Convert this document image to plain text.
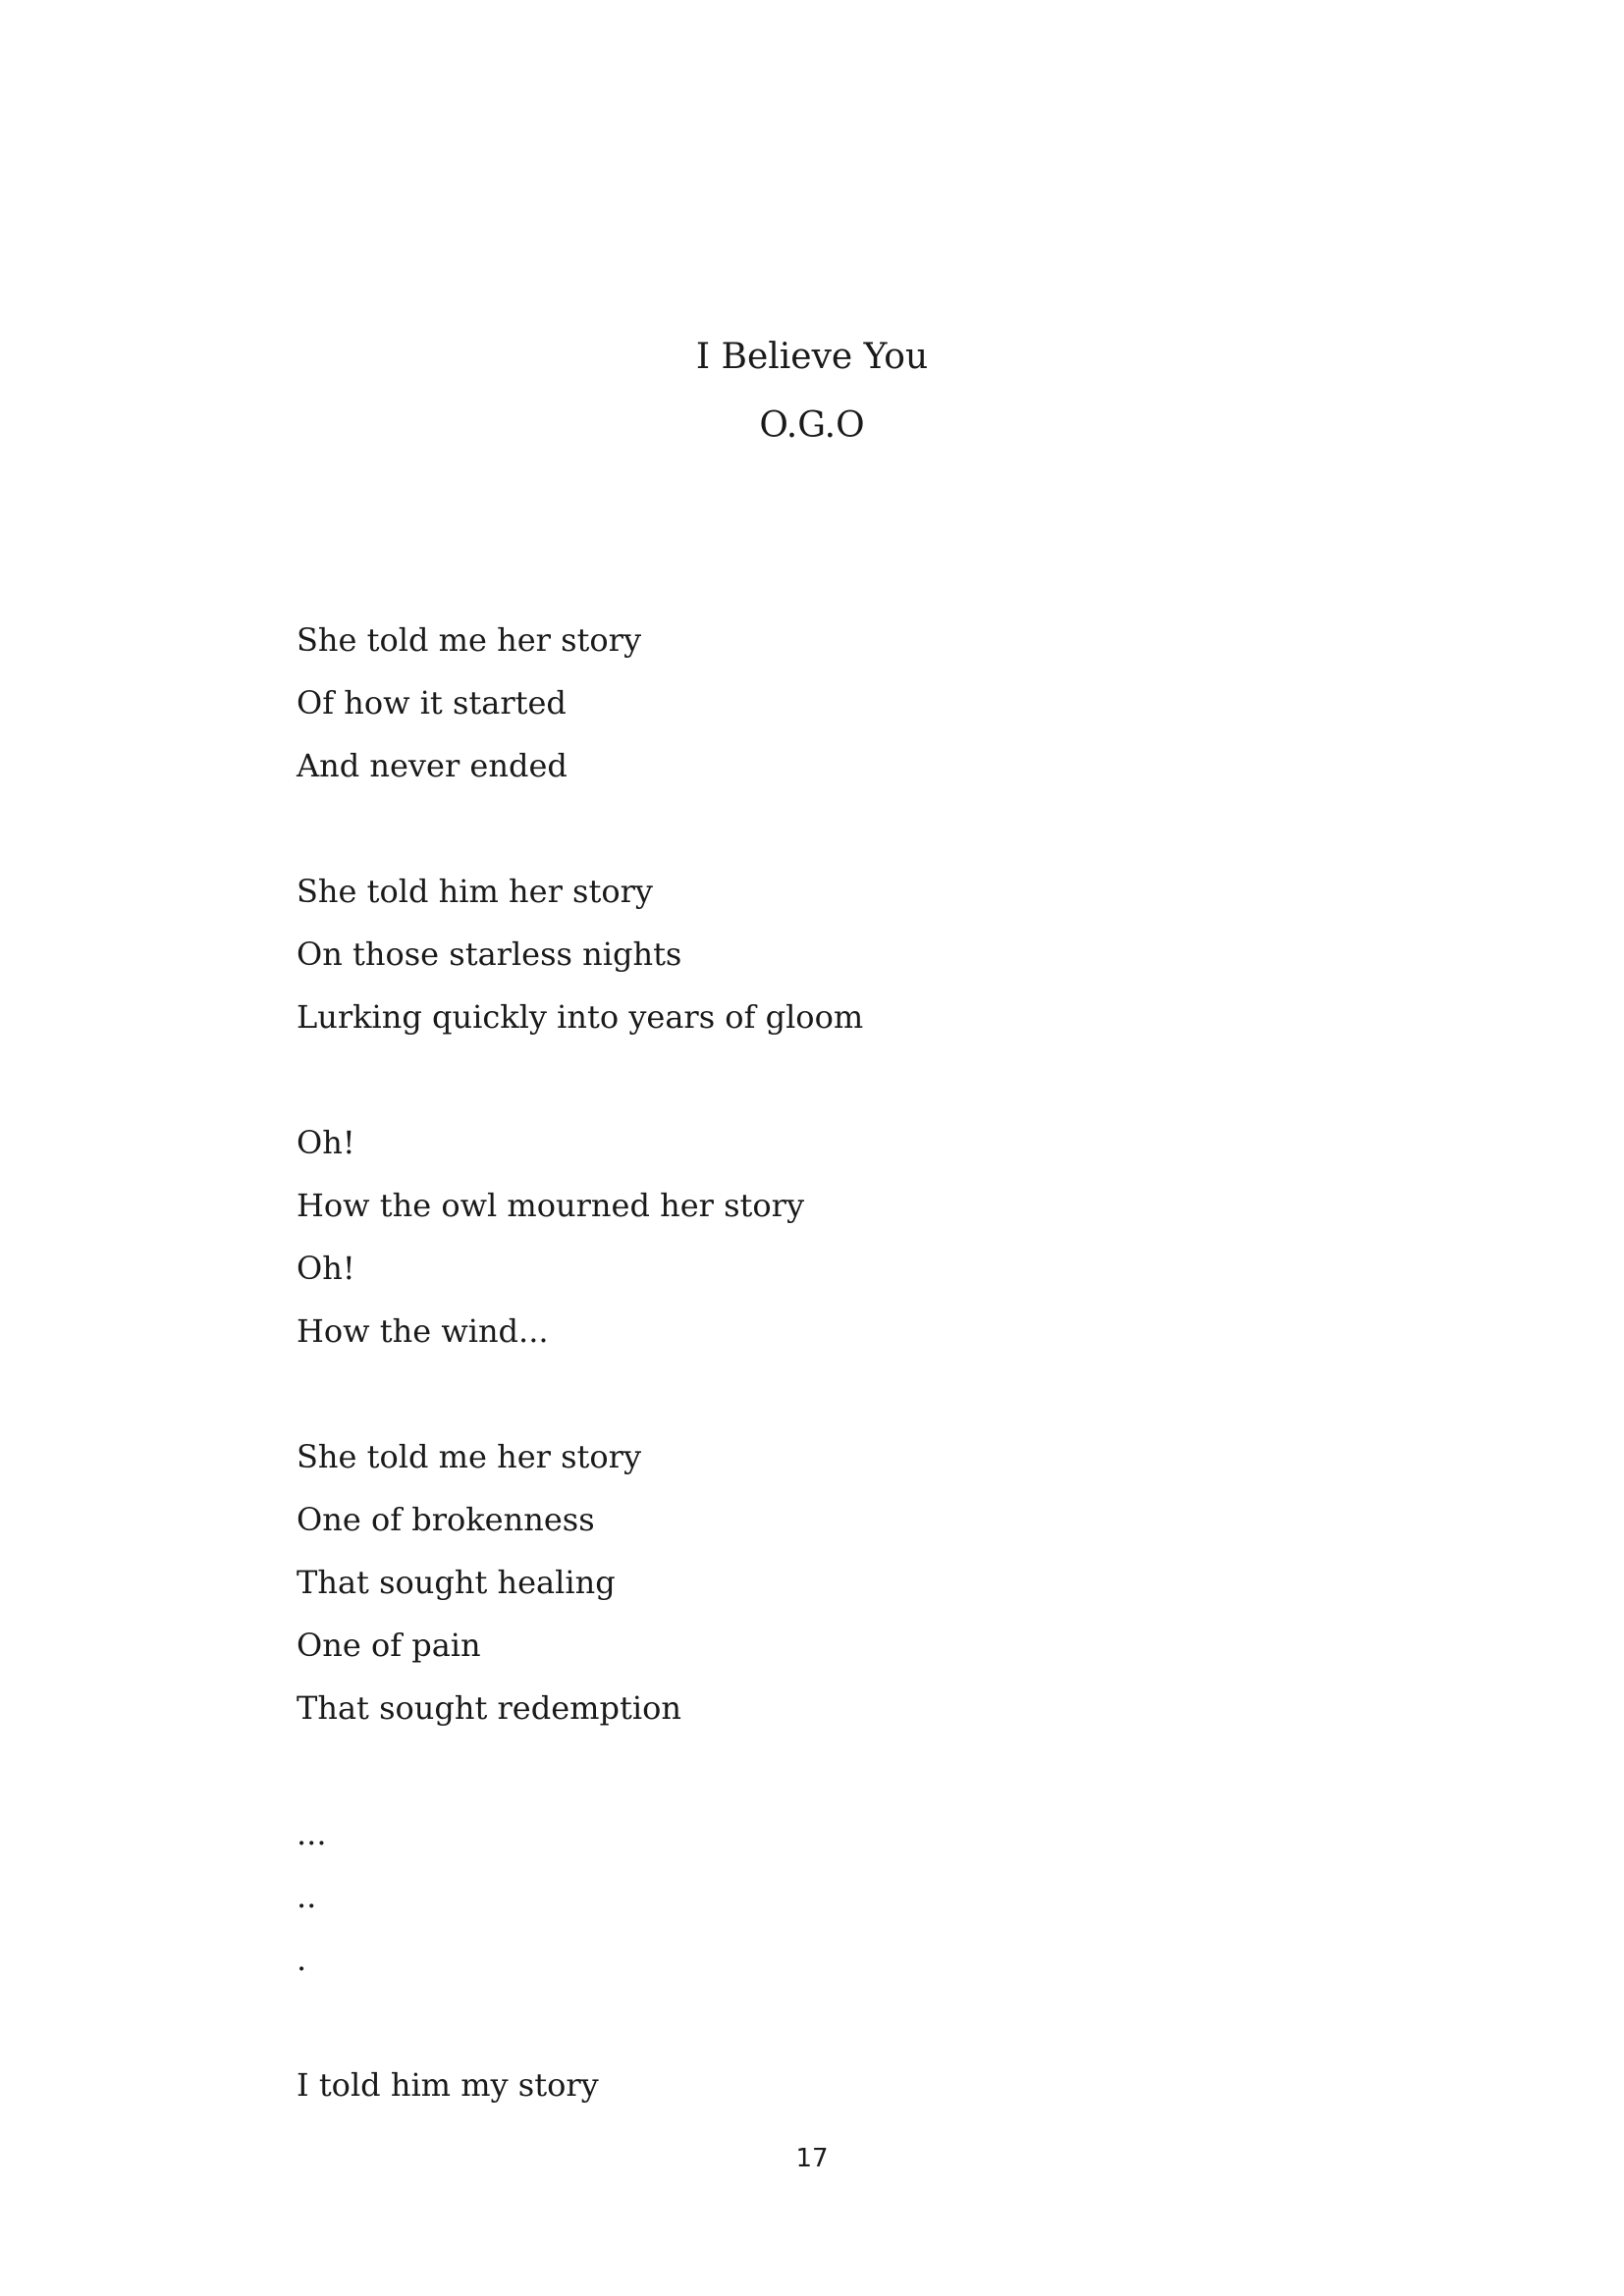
I Believe You
O.G.O
She told me her story
Of how it started
And never ended
She told him her story
On those starless nights
Lurking quickly into years of gloom
Oh!
How the owl mourned her story
Oh!
How the wind...
She told me her story
One of brokenness
That sought healing
One of pain
That sought redemption
...
..
.
I told him my story
17
